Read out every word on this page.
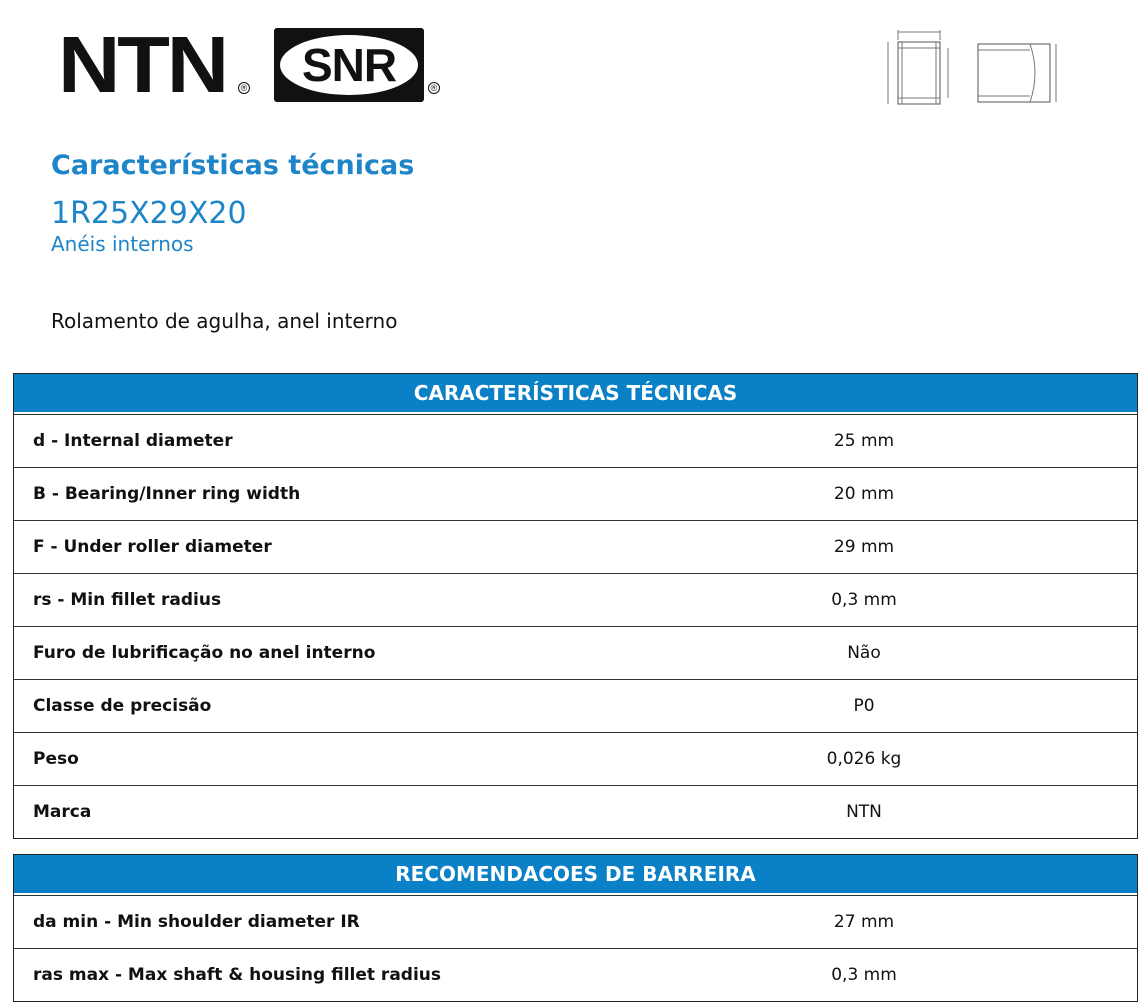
NTN ®	SNR	®
Características técnicas
1R25X29X20
Anéis internos
Rolamento de agulha, anel interno
CARACTERÍSTICAS TÉCNICAS
d - Internal diameter	25 mm
B - Bearing/Inner ring width	20 mm
F - Under roller diameter	29 mm
rs - Min fillet radius	0,3 mm
Furo de lubrificação no anel interno	Não
Classe de precisão	P0
Peso	0,026 kg
Marca	NTN
RECOMENDACOES DE BARREIRA
da min - Min shoulder diameter IR	27 mm
ras max - Max shaft & housing fillet radius	0,3 mm
